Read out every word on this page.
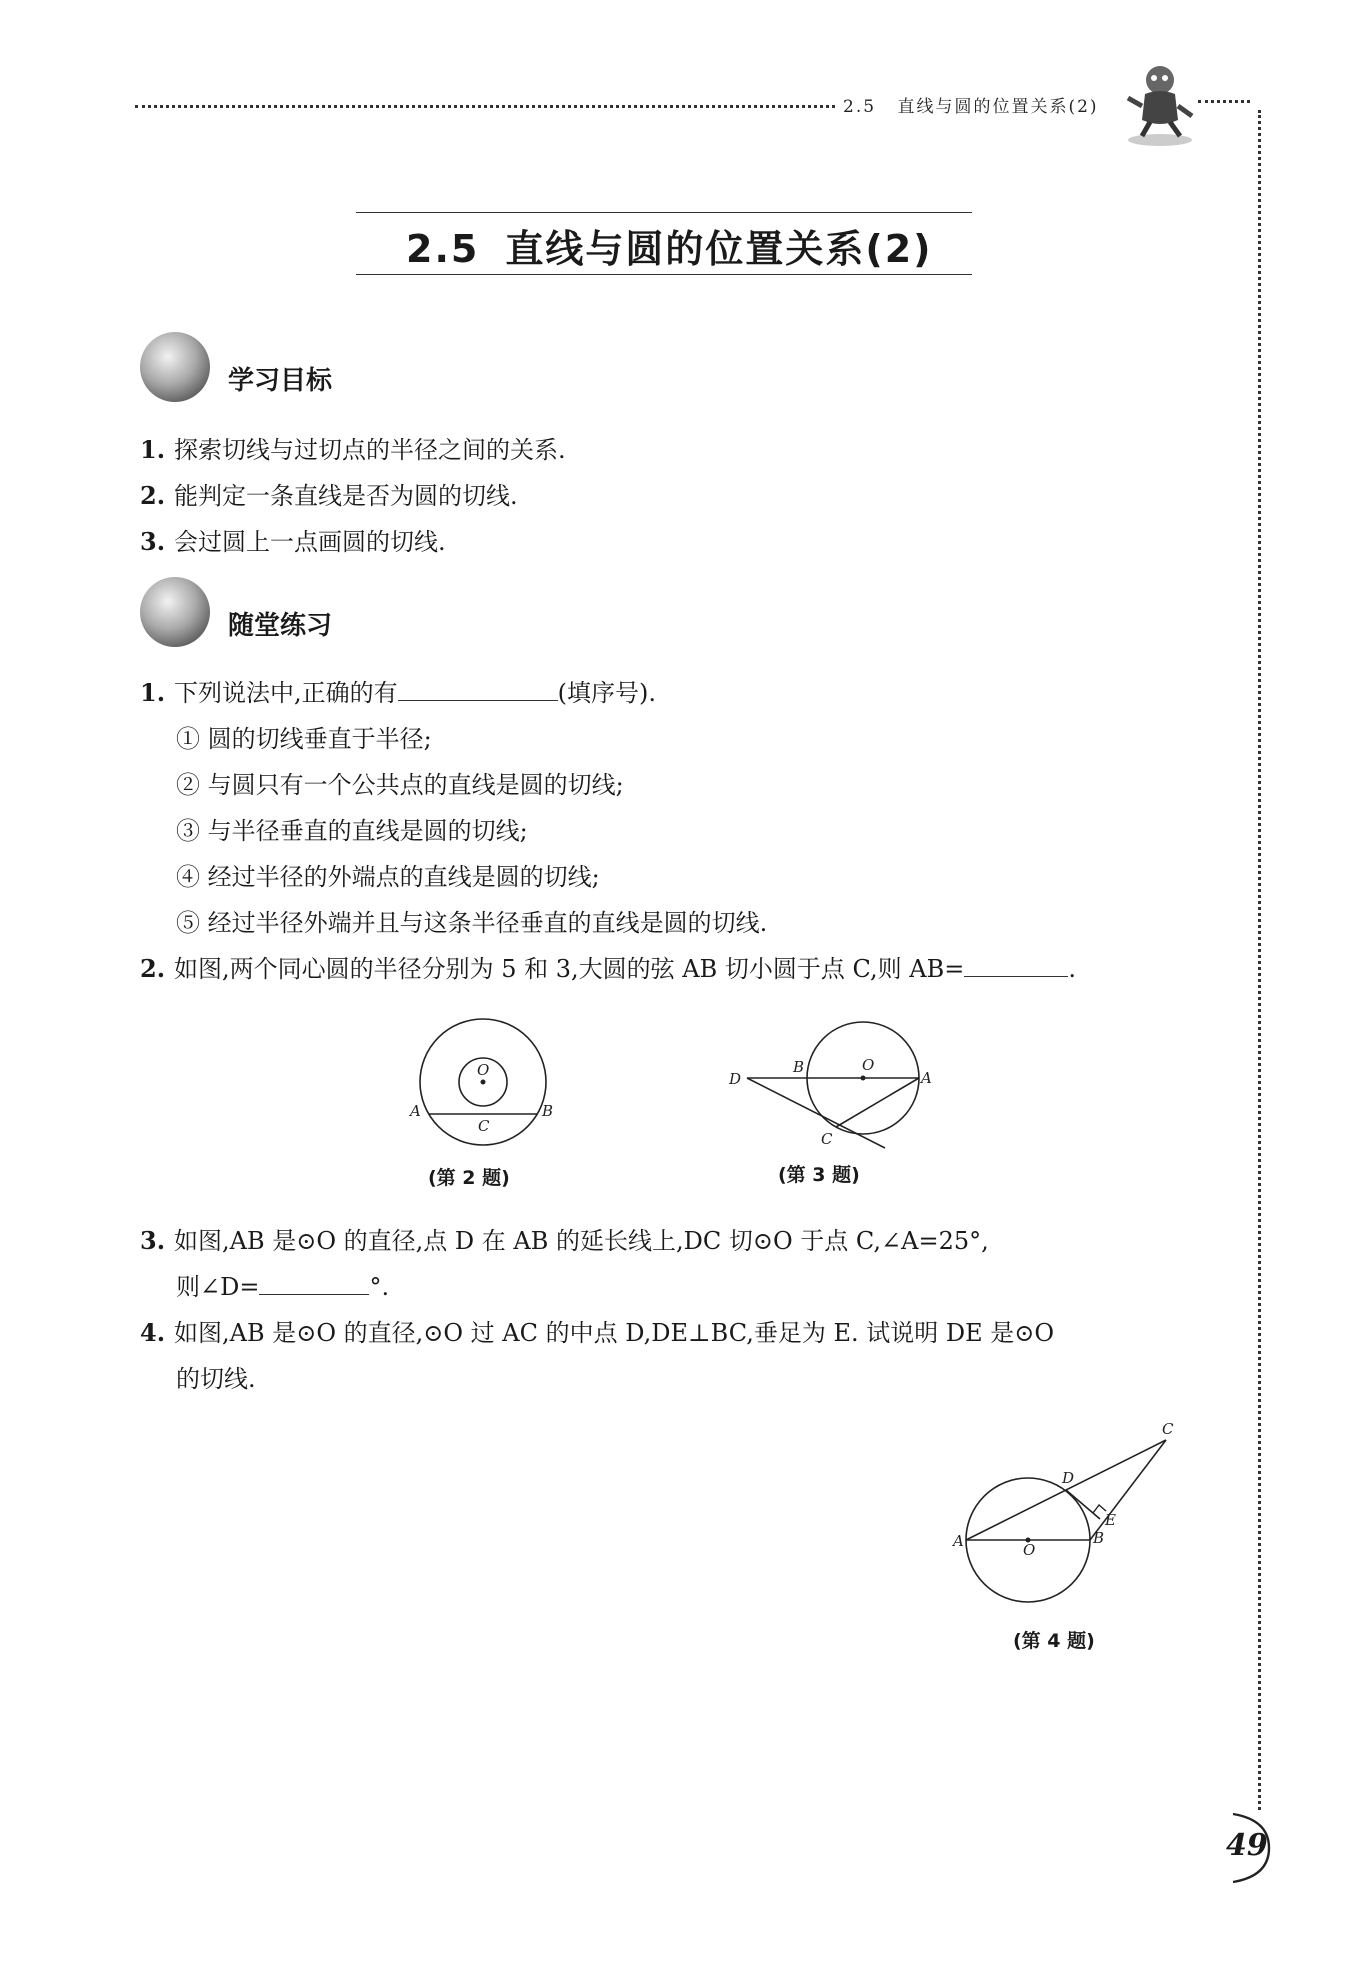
2.5 直线与圆的位置关系(2)
2.5 直线与圆的位置关系(2)
学习目标
1. 探索切线与过切点的半径之间的关系.
2. 能判定一条直线是否为圆的切线.
3. 会过圆上一点画圆的切线.
随堂练习
1. 下列说法中,正确的有	(填序号).
① 圆的切线垂直于半径;
② 与圆只有一个公共点的直线是圆的切线;
③ 与半径垂直的直线是圆的切线;
④ 经过半径的外端点的直线是圆的切线;
⑤ 经过半径外端并且与这条半径垂直的直线是圆的切线.
2. 如图,两个同心圆的半径分别为 5 和 3,大圆的弦 AB 切小圆于点 C,则 AB=	.
O
A	B
C
(第 2 题)
D
B	O
A
C
(第 3 题)
3. 如图,AB 是⊙O 的直径,点 D 在 AB 的延长线上,DC 切⊙O 于点 C,∠A=25°,
则∠D=	°.
4. 如图,AB 是⊙O 的直径,⊙O 过 AC 的中点 D,DE⊥BC,垂足为 E. 试说明 DE 是⊙O
的切线.
C
D
E
B
A	O
(第 4 题)
49
